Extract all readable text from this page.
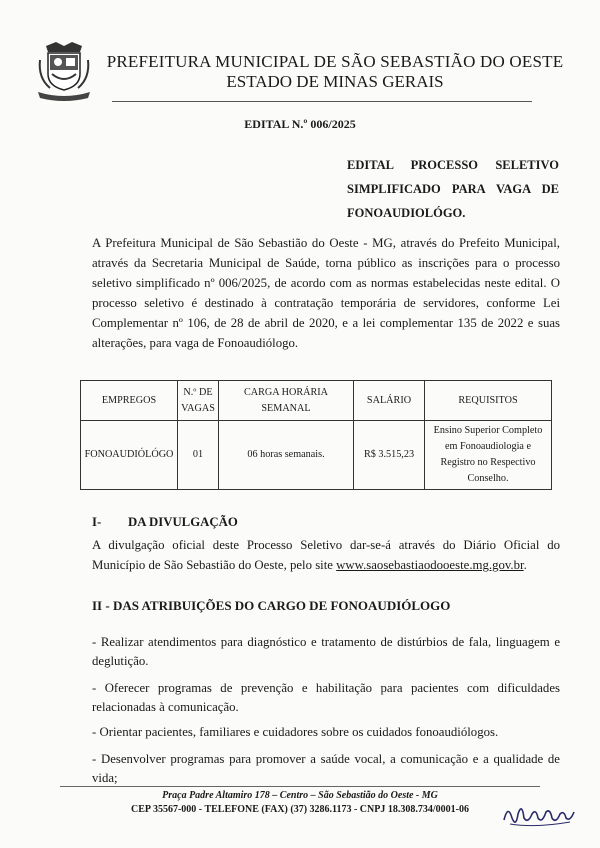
PREFEITURA MUNICIPAL DE SÃO SEBASTIÃO DO OESTE
ESTADO DE MINAS GERAIS
EDITAL N.º 006/2025
EDITAL PROCESSO SELETIVO
SIMPLIFICADO PARA VAGA DE

FONOAUDIOLÓGO.
A Prefeitura Municipal de São Sebastião do Oeste - MG, através do Prefeito Municipal, através da Secretaria Municipal de Saúde, torna público as inscrições para o processo seletivo simplificado nº 006/2025, de acordo com as normas estabelecidas neste edital. O processo seletivo é destinado à contratação temporária de servidores, conforme Lei Complementar nº 106, de 28 de abril de 2020, e a lei complementar 135 de 2022 e suas alterações, para vaga de Fonoaudiólogo.
EMPREGOS	N.º DE VAGAS	CARGA HORÁRIA SEMANAL	SALÁRIO	REQUISITOS
FONOAUDIÓLÓGO	01	06 horas semanais.	R$ 3.515,23	Ensino Superior Completo em Fonoaudiologia e Registro no Respectivo Conselho.
I- DA DIVULGAÇÃO
A divulgação oficial deste Processo Seletivo dar-se-á através do Diário Oficial do Município de São Sebastião do Oeste, pelo site www.saosebastiaodooeste.mg.gov.br.
II - DAS ATRIBUIÇÕES DO CARGO DE FONOAUDIÓLOGO
- Realizar atendimentos para diagnóstico e tratamento de distúrbios de fala, linguagem e deglutição.
- Oferecer programas de prevenção e habilitação para pacientes com dificuldades relacionadas à comunicação.
- Orientar pacientes, familiares e cuidadores sobre os cuidados fonoaudiólogos.
- Desenvolver programas para promover a saúde vocal, a comunicação e a qualidade de vida;
Praça Padre Altamiro 178 – Centro – São Sebastião do Oeste - MG
CEP 35567-000 - TELEFONE (FAX) (37) 3286.1173 - CNPJ 18.308.734/0001-06
